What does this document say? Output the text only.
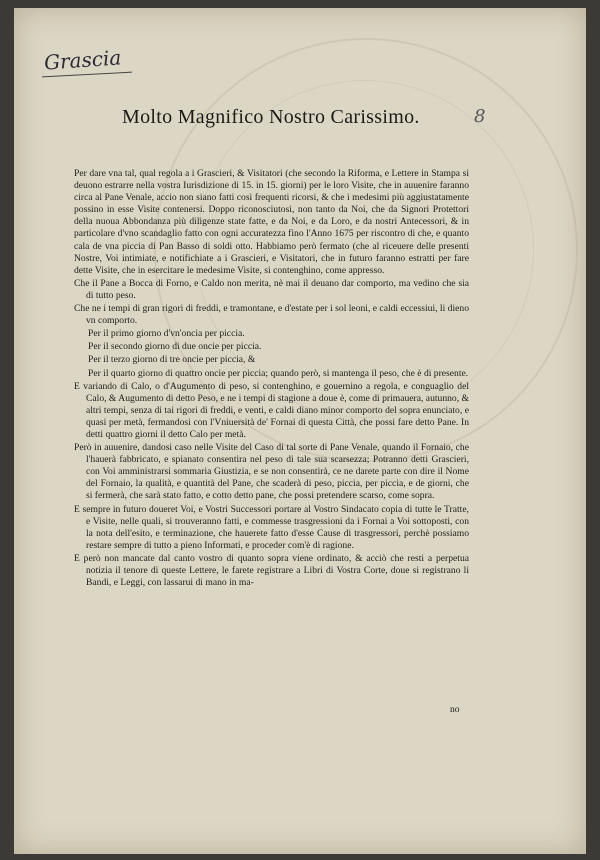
Grascia
8
Molto Magnifico Nostro Carissimo.

Per dare vna tal, qual regola a i Grascieri, & Visitatori (che secondo la Riforma, e Lettere in Stampa si deuono estrarre nella vostra Iurisdizione di 15. in 15. giorni) per le loro Visite, che in auuenire faranno circa al Pane Venale, accio non siano fatti così frequenti ricorsi, & che i medesimi più aggiustatamente possino in esse Visite contenersi. Doppo riconosciutosi, non tanto da Noi, che da Signori Protettori della nuoua Abbondanza più diligenze state fatte, e da Noi, e da Loro, e da nostri Antecessori, & in particolare d'vno scandaglio fatto con ogni accuratezza fino l'Anno 1675 per riscontro di che, e quanto cala de vna piccia di Pan Basso di soldi otto. Habbiamo però fermato (che al riceuere delle presenti Nostre, Voi intimiate, e notifichiate a i Grascieri, e Visitatori, che in futuro faranno estratti per fare dette Visite, che in esercitare le medesime Visite, si contenghino, come appresso.

Che il Pane a Bocca di Forno, e Caldo non merita, nè mai il deuano dar comporto, ma vedino che sia di tutto peso.

Che ne i tempi di gran rigori di freddi, e tramontane, e d'estate per i sol leoni, e caldi eccessiui, li dieno vn comporto.

Per il primo giorno d'vn'oncia per piccia.

Per il secondo giorno di due oncie per piccia.

Per il terzo giorno di tre oncie per piccia, &

Per il quarto giorno di quattro oncie per piccia; quando però, si mantenga il peso, che è di presente.

E variando di Calo, o d'Augumento di peso, si contenghino, e gouernino a regola, e conguaglio del Calo, & Augumento di detto Peso, e ne i tempi di stagione a doue è, come di primauera, autunno, & altri tempi, senza di tai rigori di freddi, e venti, e caldi diano minor comporto del sopra enunciato, e quasi per metà, fermandosi con l'Vniuersità de' Fornai di questa Città, che possi fare detto Pane. In detti quattro giorni il detto Calo per metà.

Però in auuenire, dandosi caso nelle Visite del Caso di tal sorte di Pane Venale, quando il Fornaio, che l'hauerà fabbricato, e spianato consentira nel peso di tale sua scarsezza; Potranno detti Grascieri, con Voi amministrarsi sommaria Giustizia, e se non consentirà, ce ne darete parte con dire il Nome del Fornaio, la qualità, e quantità del Pane, che scaderà di peso, piccia, per piccia, e de giorni, che si fermerà, che sarà stato fatto, e cotto detto pane, che possi pretendere scarso, come sopra.

E sempre in futuro doueret Voi, e Vostri Successori portare al Vostro Sindacato copia di tutte le Tratte, e Visite, nelle quali, si trouveranno fatti, e commesse trasgressioni da i Fornai a Voi sottoposti, con la nota dell'esito, e terminazione, che hauerete fatto d'esse Cause di trasgressori, perchè possiamo restare sempre di tutto a pieno Informati, e proceder com'è di ragione.

E però non mancate dal canto vostro di quanto sopra viene ordinato, & acciò che resti a perpetua notizia il tenore di queste Lettere, le farete registrare a Libri di Vostra Corte, doue si registrano li Bandi, e Leggi, con lassarui di mano in ma-

no
